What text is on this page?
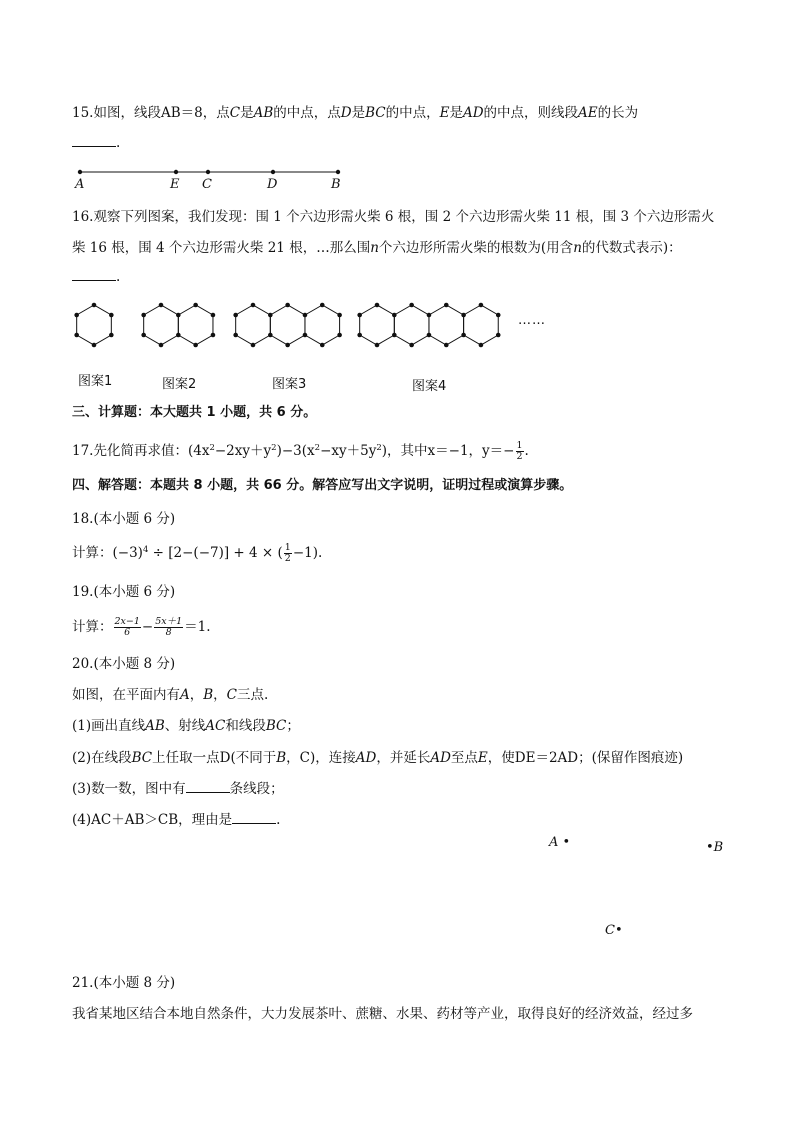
15.如图，线段AB＝8，点C是AB的中点，点D是BC的中点，E是AD的中点，则线段AE的长为
.
A	E C	D	B
16.观察下列图案，我们发现：围 1 个六边形需火柴 6 根，围 2 个六边形需火柴 11 根，围 3 个六边形需火
柴 16 根，围 4 个六边形需火柴 21 根，…那么围n个六边形所需火柴的根数为(用含n的代数式表示)：
.
图案1	图案2	图案3	图案4
……
三、计算题：本大题共 1 小题，共 6 分。
17.先化简再求值：$(4x^2-2xy+y^2)-3(x^2-xy+5y^2)$，其中x＝−1，$y=- \frac{1}{2}$ .
四、解答题：本题共 8 小题，共 66 分。解答应写出文字说明，证明过程或演算步骤。
18.(本小题 6 分)
计算：$(-3)^4 \div [2-(-7)] + 4$ × ( $\frac{1}{2} -1$).
19.(本小题 6 分)
计算： $\frac{2x-1}{6} - \frac{5x+1}{8} =1$.
20.(本小题 8 分)
如图，在平面内有A，B，C三点.
(1)画出直线AB、射线AC和线段BC；
(2)在线段BC上任取一点D(不同于B，C)，连接AD，并延长AD至点E，使DE＝2AD；(保留作图痕迹)
(3)数一数，图中有	条线段；
(4)AC＋AB＞CB，理由是	.
A •	•B
C•
21.(本小题 8 分)
我省某地区结合本地自然条件，大力发展茶叶、蔗糖、水果、药材等产业，取得良好的经济效益，经过多
